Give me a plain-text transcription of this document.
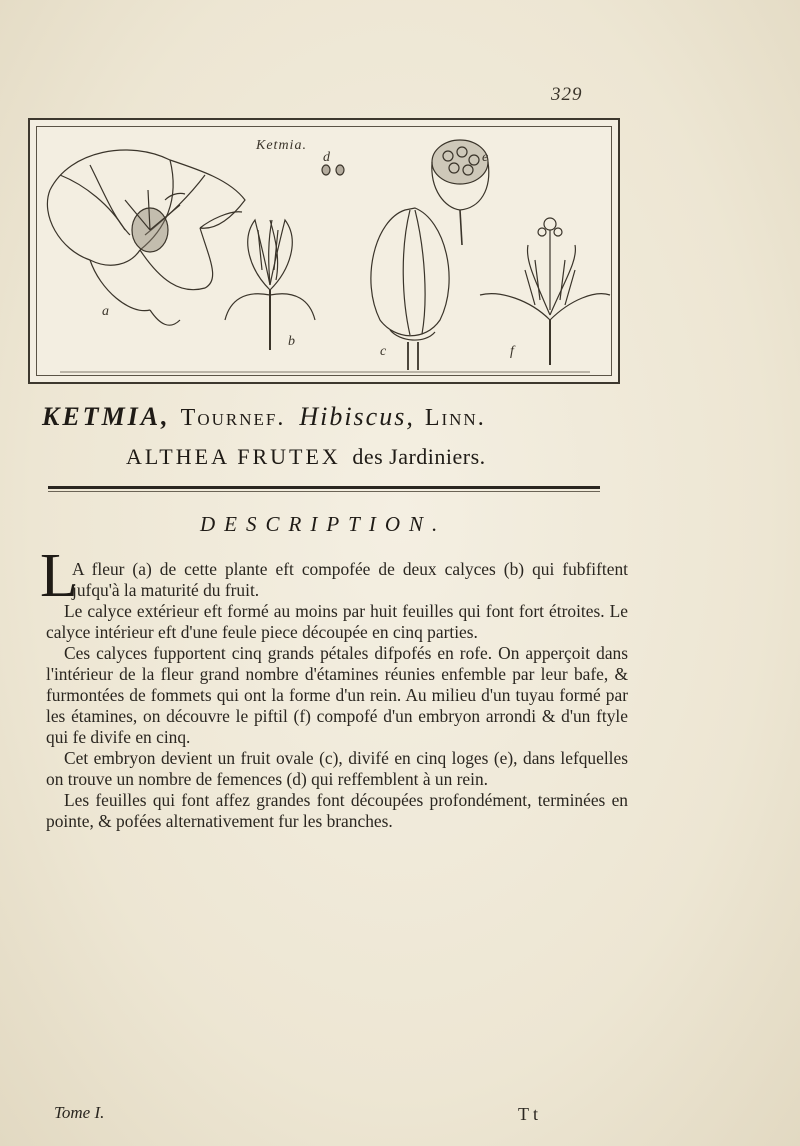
329
Ketmia.
a
b
c
d	e
f
KETMIA, Tournef. Hibiscus, Linn.
ALTHEA FRUTEX des Jardiniers.
DESCRIPTION.
L

A fleur (a) de cette plante eft compofée de deux calyces (b) qui fubfiftent jufqu'à la maturité du fruit.

Le calyce extérieur eft formé au moins par huit feuilles qui font fort étroites. Le calyce intérieur eft d'une feule piece découpée en cinq parties.

Ces calyces fupportent cinq grands pétales difpofés en rofe. On apperçoit dans l'intérieur de la fleur grand nombre d'étamines réunies enfemble par leur bafe, & furmontées de fommets qui ont la forme d'un rein. Au milieu d'un tuyau formé par les étamines, on découvre le piftil (f) compofé d'un embryon arrondi & d'un ftyle qui fe divife en cinq.

Cet embryon devient un fruit ovale (c), divifé en cinq loges (e), dans lefquelles on trouve un nombre de femences (d) qui reffemblent à un rein.

Les feuilles qui font affez grandes font découpées profondément, terminées en pointe, & pofées alternativement fur les branches.

Tome I.	Tt
